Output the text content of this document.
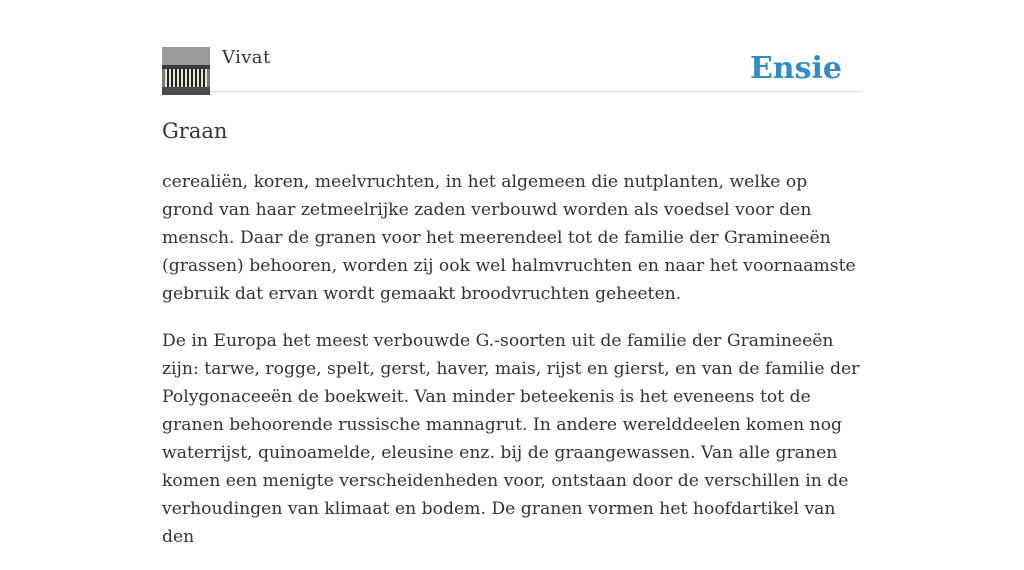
Vivat	Ensie
Graan

cerealiën, koren, meelvruchten, in het algemeen die nutplanten, welke op grond van haar zetmeelrijke zaden verbouwd worden als voedsel voor den mensch. Daar de granen voor het meerendeel tot de familie der Gramineeën (grassen) behooren, worden zij ook wel halmvruchten en naar het voornaamste gebruik dat ervan wordt gemaakt broodvruchten geheeten.

De in Europa het meest verbouwde G.-soorten uit de familie der Gramineeën zijn: tarwe, rogge, spelt, gerst, haver, mais, rijst en gierst, en van de familie der Polygonaceeën de boekweit. Van minder beteekenis is het eveneens tot de granen behoorende russische mannagrut. In andere werelddeelen komen nog waterrijst, quinoamelde, eleusine enz. bij de graangewassen. Van alle granen komen een menigte verscheidenheden voor, ontstaan door de verschillen in de verhoudingen van klimaat en bodem. De granen vormen het hoofdartikel van den
